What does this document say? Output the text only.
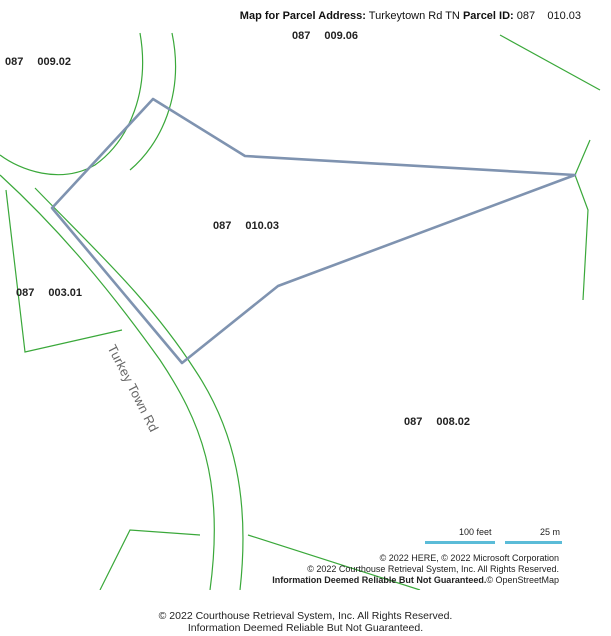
Map for Parcel Address: Turkeytown Rd TN Parcel ID: 087    010.03
087 009.06
087 009.02
087 010.03
087 003.01
087 008.02
Turkey Town Rd
100 feet	25 m
© 2022 HERE, © 2022 Microsoft Corporation
© 2022 Courthouse Retrieval System, Inc. All Rights Reserved.
Information Deemed Reliable But Not Guaranteed.© OpenStreetMap
© 2022 Courthouse Retrieval System, Inc. All Rights Reserved.
Information Deemed Reliable But Not Guaranteed.
